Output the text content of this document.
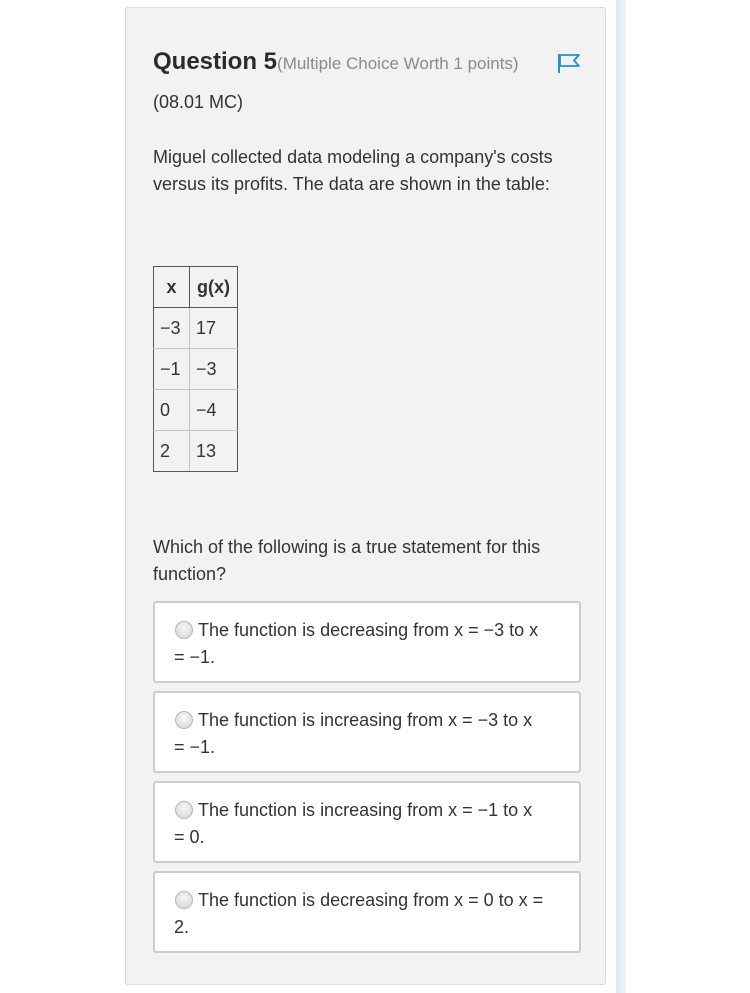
Question 5 (Multiple Choice Worth 1 points)
(08.01 MC)
Miguel collected data modeling a company's costs versus its profits. The data are shown in the table:
x	g(x)
−3	17
−1	−3
0	−4
2	13
Which of the following is a true statement for this function?
The function is decreasing from x = −3 to x = −1.
The function is increasing from x = −3 to x = −1.
The function is increasing from x = −1 to x = 0.
The function is decreasing from x = 0 to x = 2.
